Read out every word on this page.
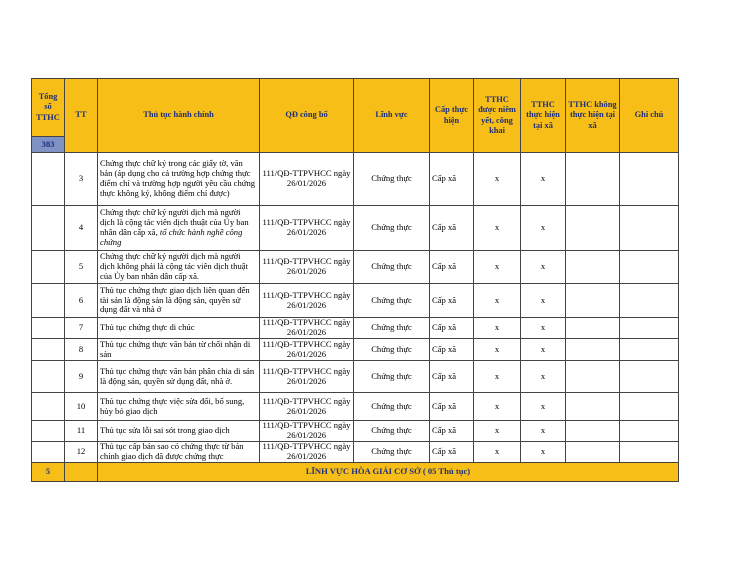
Tổng số TTHC	TT	Thủ tục hành chính	QĐ công bố	Lĩnh vực	Cấp thực hiện	TTHC được niêm yết, công khai	TTHC thực hiện tại xã	TTHC không thực hiện tại xã	Ghi chú
383									
	3	Chứng thực chữ ký trong các giấy tờ, văn bản (áp dụng cho cả trường hợp chứng thực điểm chỉ và trường hợp người yêu cầu chứng thực không ký, không điểm chỉ được)	111/QĐ-TTPVHCC ngày 26/01/2026	Chứng thực	Cấp xã	x	x		
	4	Chứng thực chữ ký người dịch mà người dịch là cộng tác viên dịch thuật của Ủy ban nhân dân cấp xã, tổ chức hành nghề công chứng	111/QĐ-TTPVHCC ngày 26/01/2026	Chứng thực	Cấp xã	x	x		
	5	Chứng thực chữ ký người dịch mà người dịch không phải là cộng tác viên dịch thuật của Ủy ban nhân dân cấp xã.	111/QĐ-TTPVHCC ngày 26/01/2026	Chứng thực	Cấp xã	x	x		
	6	Thủ tục chứng thực giao dịch liên quan đến tài sản là động sản là động sản, quyền sử dụng đất và nhà ở	111/QĐ-TTPVHCC ngày 26/01/2026	Chứng thực	Cấp xã	x	x		
	7	Thủ tục chứng thực di chúc	111/QĐ-TTPVHCC ngày 26/01/2026	Chứng thực	Cấp xã	x	x		
	8	Thủ tục chứng thực văn bản từ chối nhận di sản	111/QĐ-TTPVHCC ngày 26/01/2026	Chứng thực	Cấp xã	x	x		
	9	Thủ tục chứng thực văn bản phân chia di sản là động sản, quyền sử dụng đất, nhà ở.	111/QĐ-TTPVHCC ngày 26/01/2026	Chứng thực	Cấp xã	x	x		
	10	Thủ tục chứng thực việc sửa đổi, bổ sung, hủy bỏ giao dịch	111/QĐ-TTPVHCC ngày 26/01/2026	Chứng thực	Cấp xã	x	x		
	11	Thủ tục sửa lỗi sai sót trong giao dịch	111/QĐ-TTPVHCC ngày 26/01/2026	Chứng thực	Cấp xã	x	x		
	12	Thủ tục cấp bản sao có chứng thực từ bản chính giao dịch đã được chứng thực	111/QĐ-TTPVHCC ngày 26/01/2026	Chứng thực	Cấp xã	x	x		
5		LĨNH VỰC HÒA GIẢI CƠ SỞ ( 05 Thủ tục)							
